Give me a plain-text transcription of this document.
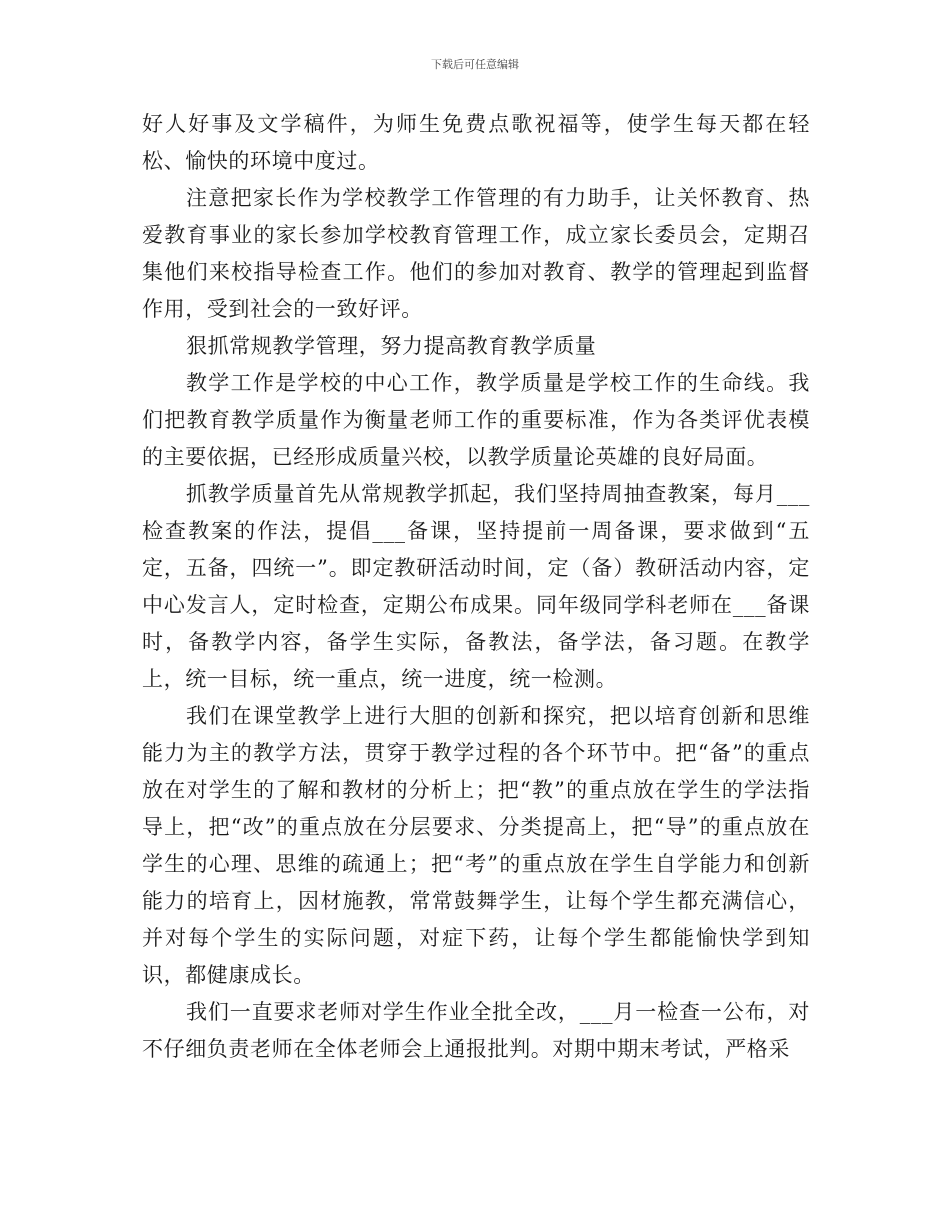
下载后可任意编辑

好人好事及文学稿件，为师生免费点歌祝福等，使学生每天都在轻松、愉快的环境中度过。

注意把家长作为学校教学工作管理的有力助手，让关怀教育、热爱教育事业的家长参加学校教育管理工作，成立家长委员会，定期召集他们来校指导检查工作。他们的参加对教育、教学的管理起到监督作用，受到社会的一致好评。

狠抓常规教学管理，努力提高教育教学质量

教学工作是学校的中心工作，教学质量是学校工作的生命线。我们把教育教学质量作为衡量老师工作的重要标准，作为各类评优表模的主要依据，已经形成质量兴校，以教学质量论英雄的良好局面。

抓教学质量首先从常规教学抓起，我们坚持周抽查教案，每月___检查教案的作法，提倡___备课，坚持提前一周备课，要求做到“五定，五备，四统一”。即定教研活动时间，定（备）教研活动内容，定中心发言人，定时检查，定期公布成果。同年级同学科老师在___备课时，备教学内容，备学生实际，备教法，备学法，备习题。在教学上，统一目标，统一重点，统一进度，统一检测。

我们在课堂教学上进行大胆的创新和探究，把以培育创新和思维能力为主的教学方法，贯穿于教学过程的各个环节中。把“备”的重点放在对学生的了解和教材的分析上；把“教”的重点放在学生的学法指导上，把“改”的重点放在分层要求、分类提高上，把“导”的重点放在学生的心理、思维的疏通上；把“考”的重点放在学生自学能力和创新能力的培育上，因材施教，常常鼓舞学生，让每个学生都充满信心，并对每个学生的实际问题，对症下药，让每个学生都能愉快学到知识，都健康成长。

我们一直要求老师对学生作业全批全改，___月一检查一公布，对不仔细负责老师在全体老师会上通报批判。对期中期末考试，严格采
